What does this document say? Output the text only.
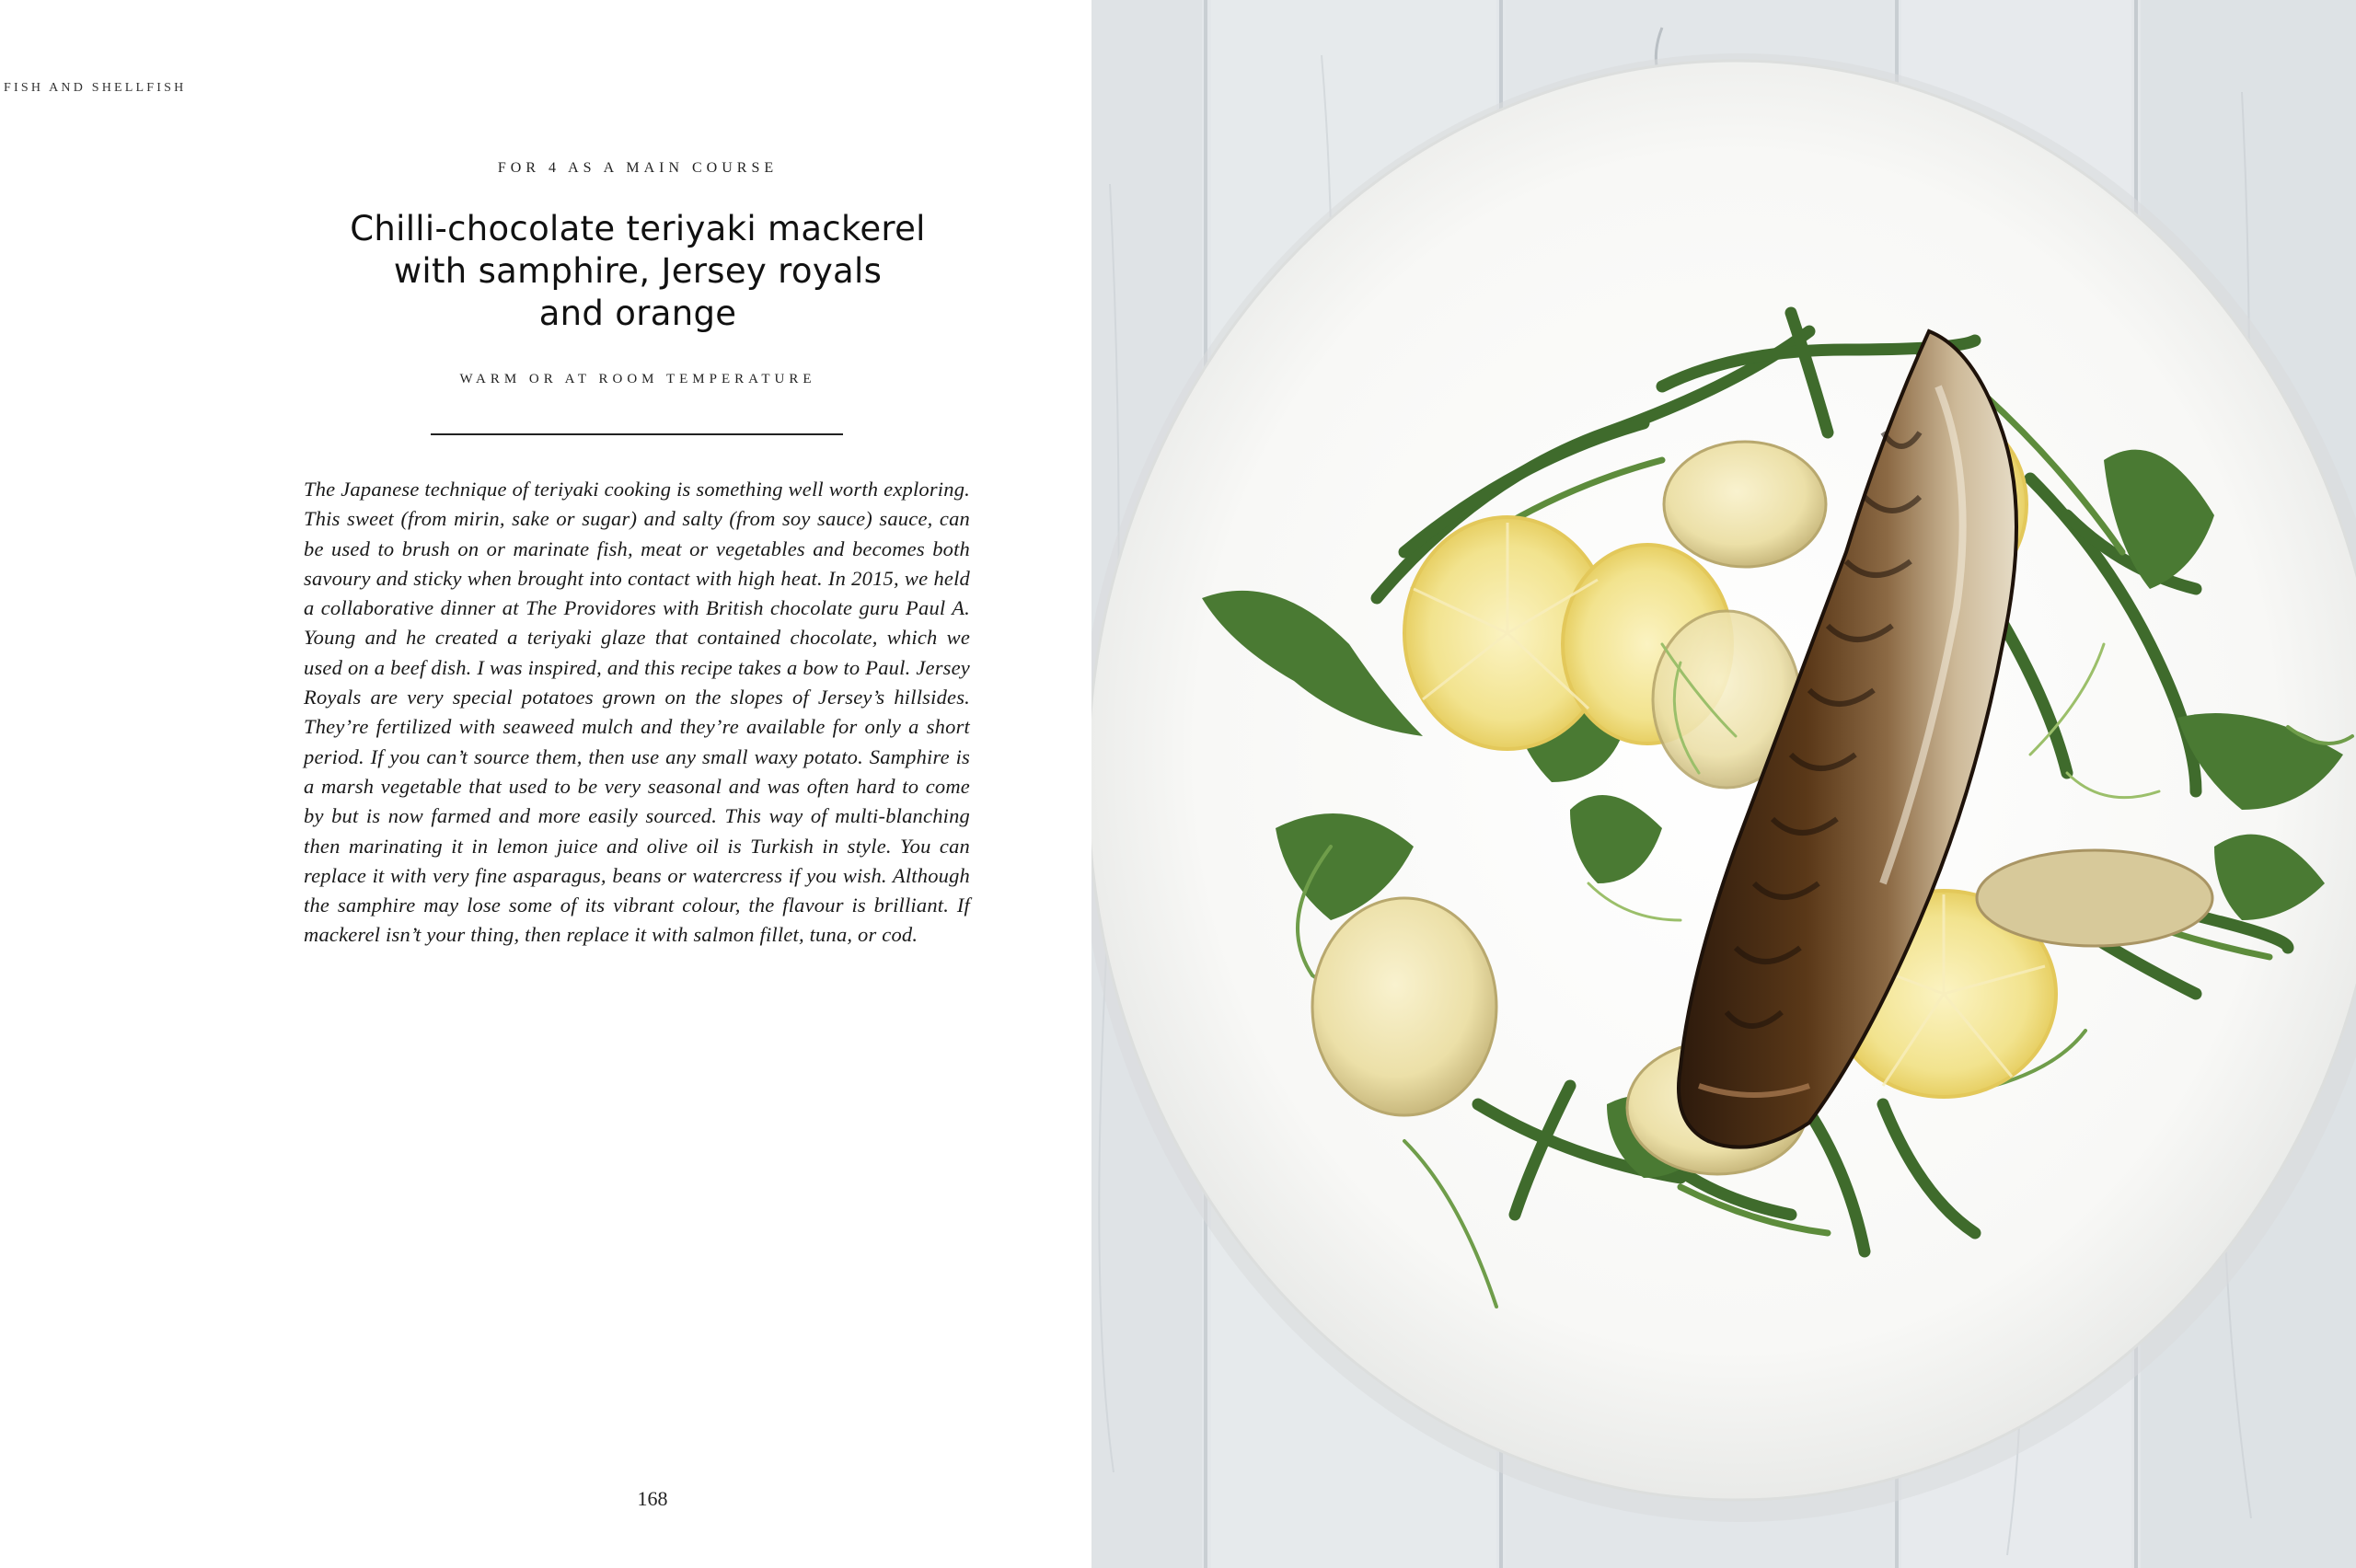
FISH AND SHELLFISH
FOR 4 AS A MAIN COURSE
Chilli-chocolate teriyaki mackerel
with samphire, Jersey royals
and orange
WARM OR AT ROOM TEMPERATURE

The Japanese technique of teriyaki cooking is something well worth exploring. This sweet (from mirin, sake or sugar) and salty (from soy sauce) sauce, can be used to brush on or marinate fish, meat or vegetables and becomes both savoury and sticky when brought into contact with high heat. In 2015, we held a collaborative dinner at The Providores with British chocolate guru Paul A. Young and he created a teriyaki glaze that contained chocolate, which we used on a beef dish. I was inspired, and this recipe takes a bow to Paul. Jersey Royals are very special potatoes grown on the slopes of Jersey’s hillsides. They’re fertilized with seaweed mulch and they’re available for only a short period. If you can’t source them, then use any small waxy potato. Samphire is a marsh vegetable that used to be very seasonal and was often hard to come by but is now farmed and more easily sourced. This way of multi-blanching then marinating it in lemon juice and olive oil is Turkish in style. You can replace it with very fine asparagus, beans or watercress if you wish. Although the samphire may lose some of its vibrant colour, the flavour is brilliant. If mackerel isn’t your thing, then replace it with salmon fillet, tuna, or cod.

168
